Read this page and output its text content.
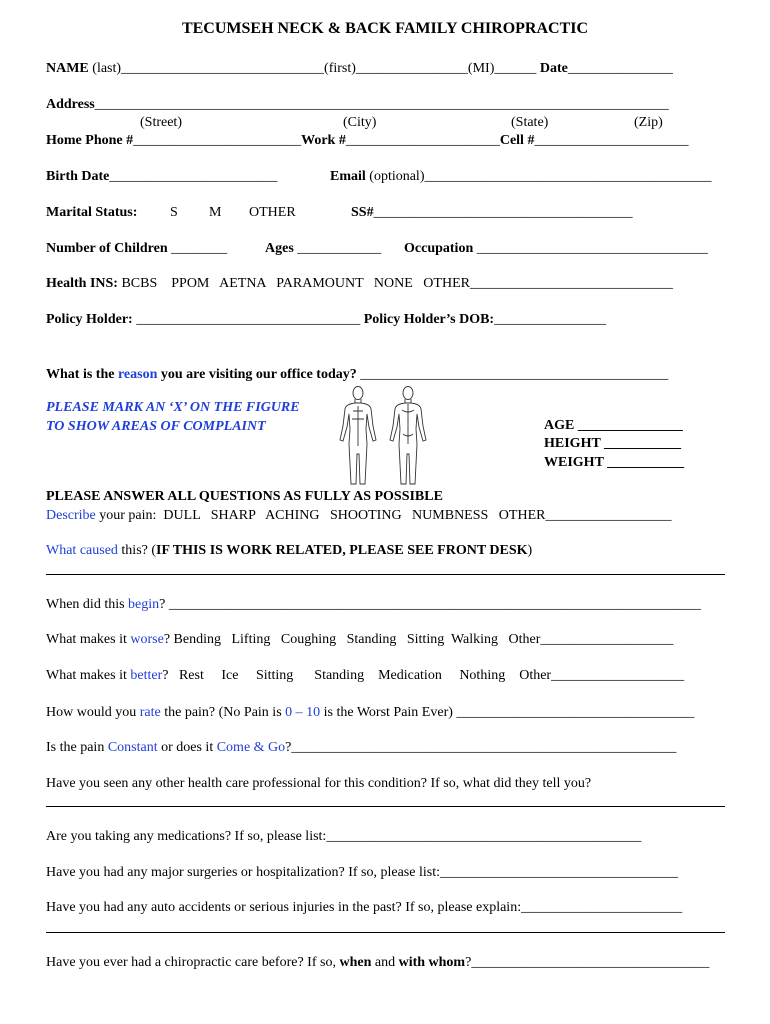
TECUMSEH NECK & BACK FAMILY CHIROPRACTIC
NAME (last)_____________________________(first)________________(MI)______ Date_______________
Address__________________________________________________________________________________
(Street)	(City)	(State)	(Zip)
Home Phone #________________________Work #______________________Cell #______________________
Birth Date________________________	Email (optional)_________________________________________
Marital Status: S M OTHER	SS#_____________________________________
Number of Children ________	Ages ____________ Occupation _________________________________
Health INS: BCBS    PPOM   AETNA   PARAMOUNT   NONE   OTHER_____________________________
Policy Holder: ________________________________ Policy Holder’s DOB:________________
What is the reason you are visiting our office today? ____________________________________________
PLEASE MARK AN ‘X’ ON THE FIGURE
TO SHOW AREAS OF COMPLAINT	AGE _______________
HEIGHT ___________
WEIGHT ___________
PLEASE ANSWER ALL QUESTIONS AS FULLY AS POSSIBLE
Describe your pain:  DULL   SHARP   ACHING   SHOOTING   NUMBNESS   OTHER__________________
What caused this? (IF THIS IS WORK RELATED, PLEASE SEE FRONT DESK)
When did this begin? ____________________________________________________________________________
What makes it worse? Bending   Lifting   Coughing   Standing   Sitting  Walking   Other___________________
What makes it better?   Rest     Ice     Sitting      Standing    Medication     Nothing    Other___________________
How would you rate the pain? (No Pain is 0 – 10 is the Worst Pain Ever) __________________________________
Is the pain Constant or does it Come & Go?_______________________________________________________
Have you seen any other health care professional for this condition? If so, what did they tell you?
Are you taking any medications? If so, please list:_____________________________________________
Have you had any major surgeries or hospitalization? If so, please list:__________________________________
Have you had any auto accidents or serious injuries in the past? If so, please explain:_______________________
Have you ever had a chiropractic care before? If so, when and with whom?__________________________________
